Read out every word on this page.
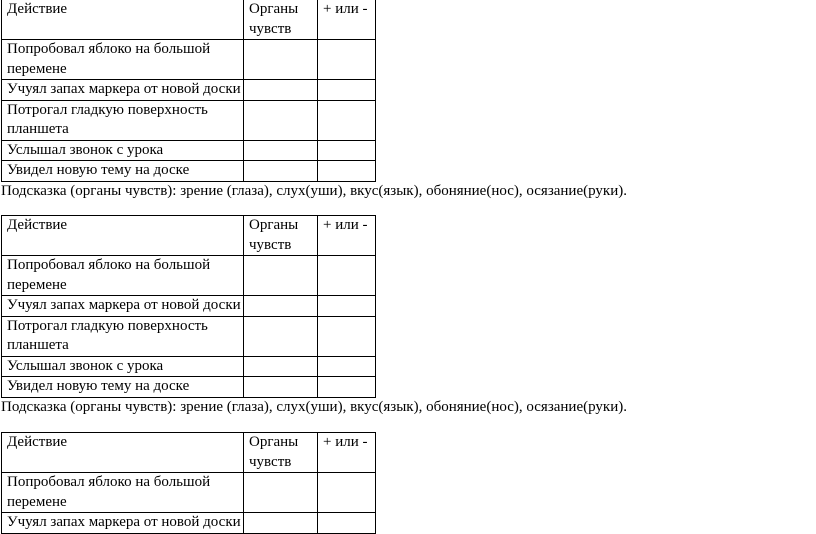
Действие	Органы чувств	+ или -
Попробовал яблоко на большой перемене		
Учуял запах маркера от новой доски		
Потрогал гладкую поверхность планшета		
Услышал звонок с урока		
Увидел новую тему на доске		
Подсказка (органы чувств): зрение (глаза), слух(уши), вкус(язык), обоняние(нос), осязание(руки).
Действие	Органы чувств	+ или -
Попробовал яблоко на большой перемене		
Учуял запах маркера от новой доски		
Потрогал гладкую поверхность планшета		
Услышал звонок с урока		
Увидел новую тему на доске		
Подсказка (органы чувств): зрение (глаза), слух(уши), вкус(язык), обоняние(нос), осязание(руки).
Действие	Органы чувств	+ или -
Попробовал яблоко на большой перемене		
Учуял запах маркера от новой доски		
